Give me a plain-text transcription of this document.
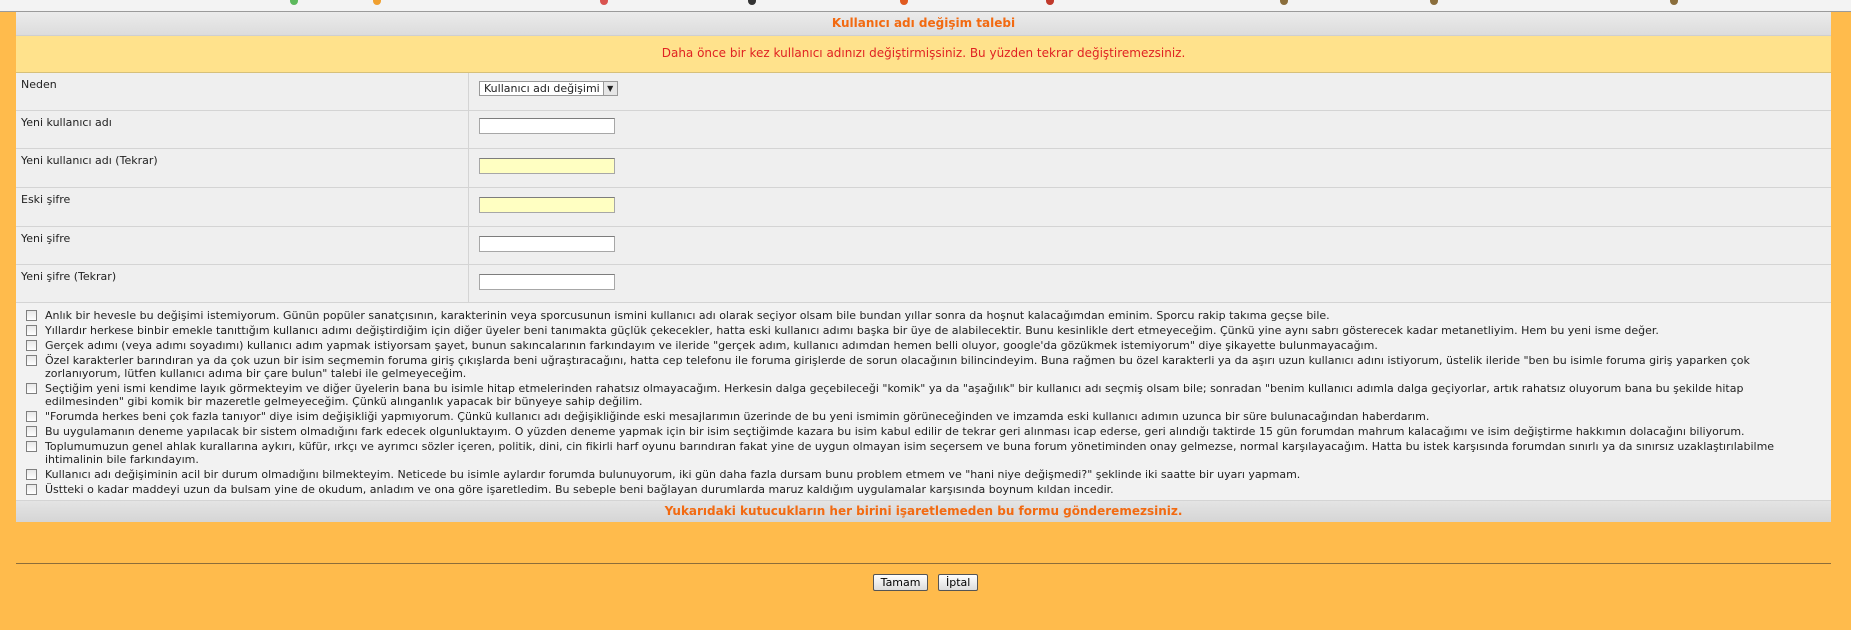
Kullanıcı adı değişim talebi
Daha önce bir kez kullanıcı adınızı değiştirmişsiniz. Bu yüzden tekrar değiştiremezsiniz.
Neden	Kullanıcı adı değişimi ▼
Yeni kullanıcı adı
Yeni kullanıcı adı (Tekrar)
Eski şifre
Yeni şifre
Yeni şifre (Tekrar)
Anlık bir hevesle bu değişimi istemiyorum. Günün popüler sanatçısının, karakterinin veya sporcusunun ismini kullanıcı adı olarak seçiyor olsam bile bundan yıllar sonra da hoşnut kalacağımdan eminim. Sporcu rakip takıma geçse bile.
Yıllardır herkese binbir emekle tanıttığım kullanıcı adımı değiştirdiğim için diğer üyeler beni tanımakta güçlük çekecekler, hatta eski kullanıcı adımı başka bir üye de alabilecektir. Bunu kesinlikle dert etmeyeceğim. Çünkü yine aynı sabrı gösterecek kadar metanetliyim. Hem bu yeni isme değer.
Gerçek adımı (veya adımı soyadımı) kullanıcı adım yapmak istiyorsam şayet, bunun sakıncalarının farkındayım ve ileride "gerçek adım, kullanıcı adımdan hemen belli oluyor, google'da gözükmek istemiyorum" diye şikayette bulunmayacağım.
Özel karakterler barındıran ya da çok uzun bir isim seçmemin foruma giriş çıkışlarda beni uğraştıracağını, hatta cep telefonu ile foruma girişlerde de sorun olacağının bilincindeyim. Buna rağmen bu özel karakterli ya da aşırı uzun kullanıcı adını istiyorum, üstelik ileride "ben bu isimle foruma giriş yaparken çok zorlanıyorum, lütfen kullanıcı adıma bir çare bulun" talebi ile gelmeyeceğim.
Seçtiğim yeni ismi kendime layık görmekteyim ve diğer üyelerin bana bu isimle hitap etmelerinden rahatsız olmayacağım. Herkesin dalga geçebileceği "komik" ya da "aşağılık" bir kullanıcı adı seçmiş olsam bile; sonradan "benim kullanıcı adımla dalga geçiyorlar, artık rahatsız oluyorum bana bu şekilde hitap edilmesinden" gibi komik bir mazeretle gelmeyeceğim. Çünkü alınganlık yapacak bir bünyeye sahip değilim.
"Forumda herkes beni çok fazla tanıyor" diye isim değişikliği yapmıyorum. Çünkü kullanıcı adı değişikliğinde eski mesajlarımın üzerinde de bu yeni ismimin görüneceğinden ve imzamda eski kullanıcı adımın uzunca bir süre bulunacağından haberdarım.
Bu uygulamanın deneme yapılacak bir sistem olmadığını fark edecek olgunluktayım. O yüzden deneme yapmak için bir isim seçtiğimde kazara bu isim kabul edilir de tekrar geri alınması icap ederse, geri alındığı taktirde 15 gün forumdan mahrum kalacağımı ve isim değiştirme hakkımın dolacağını biliyorum.
Toplumumuzun genel ahlak kurallarına aykırı, küfür, ırkçı ve ayrımcı sözler içeren, politik, dini, cin fikirli harf oyunu barındıran fakat yine de uygun olmayan isim seçersem ve buna forum yönetiminden onay gelmezse, normal karşılayacağım. Hatta bu istek karşısında forumdan sınırlı ya da sınırsız uzaklaştırılabilme ihtimalinin bile farkındayım.
Kullanıcı adı değişiminin acil bir durum olmadığını bilmekteyim. Neticede bu isimle aylardır forumda bulunuyorum, iki gün daha fazla dursam bunu problem etmem ve "hani niye değişmedi?" şeklinde iki saatte bir uyarı yapmam.
Üstteki o kadar maddeyi uzun da bulsam yine de okudum, anladım ve ona göre işaretledim. Bu sebeple beni bağlayan durumlarda maruz kaldığım uygulamalar karşısında boynum kıldan incedir.
Yukarıdaki kutucukların her birini işaretlemeden bu formu gönderemezsiniz.
Tamam İptal
